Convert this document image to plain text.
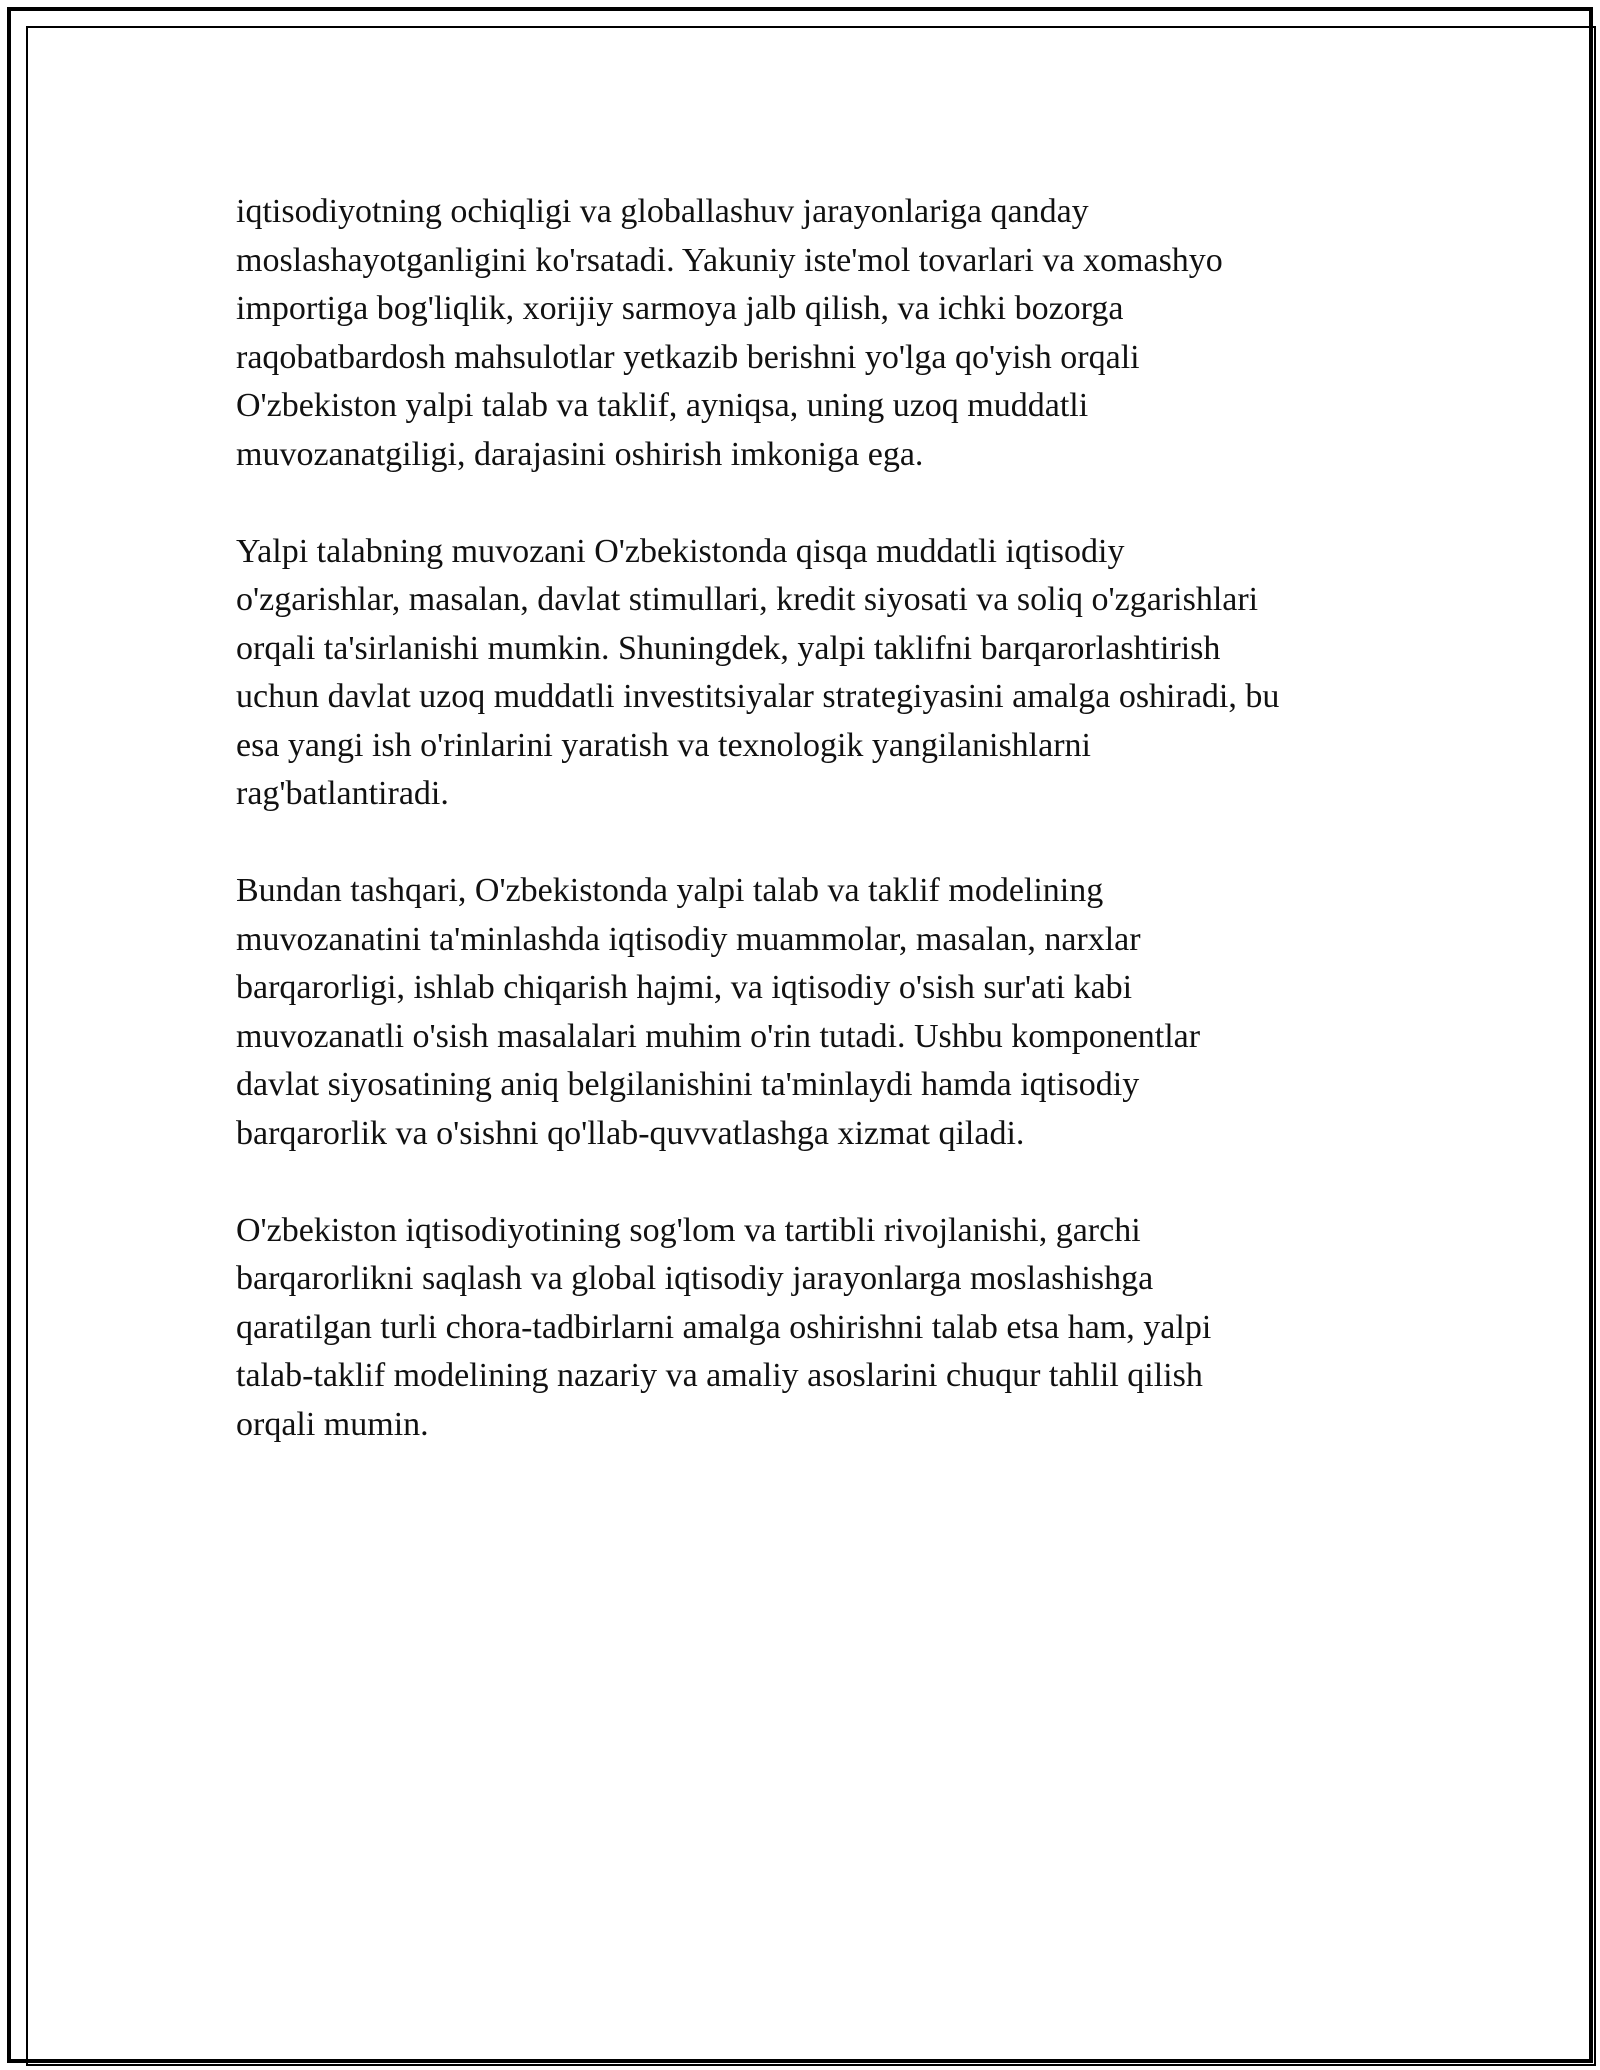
iqtisodiyotning ochiqligi va globallashuv jarayonlariga qanday
moslashayotganligini ko'rsatadi. Yakuniy iste'mol tovarlari va xomashyo
importiga bog'liqlik, xorijiy sarmoya jalb qilish, va ichki bozorga
raqobatbardosh mahsulotlar yetkazib berishni yo'lga qo'yish orqali
O'zbekiston yalpi talab va taklif, ayniqsa, uning uzoq muddatli
muvozanatgiligi, darajasini oshirish imkoniga ega.

Yalpi talabning muvozani O'zbekistonda qisqa muddatli iqtisodiy
o'zgarishlar, masalan, davlat stimullari, kredit siyosati va soliq o'zgarishlari
orqali ta'sirlanishi mumkin. Shuningdek, yalpi taklifni barqarorlashtirish
uchun davlat uzoq muddatli investitsiyalar strategiyasini amalga oshiradi, bu
esa yangi ish o'rinlarini yaratish va texnologik yangilanishlarni
rag'batlantiradi.

Bundan tashqari, O'zbekistonda yalpi talab va taklif modelining
muvozanatini ta'minlashda iqtisodiy muammolar, masalan, narxlar
barqarorligi, ishlab chiqarish hajmi, va iqtisodiy o'sish sur'ati kabi
muvozanatli o'sish masalalari muhim o'rin tutadi. Ushbu komponentlar
davlat siyosatining aniq belgilanishini ta'minlaydi hamda iqtisodiy
barqarorlik va o'sishni qo'llab-quvvatlashga xizmat qiladi.

O'zbekiston iqtisodiyotining sog'lom va tartibli rivojlanishi, garchi
barqarorlikni saqlash va global iqtisodiy jarayonlarga moslashishga
qaratilgan turli chora-tadbirlarni amalga oshirishni talab etsa ham, yalpi
talab-taklif modelining nazariy va amaliy asoslarini chuqur tahlil qilish
orqali mumin.
